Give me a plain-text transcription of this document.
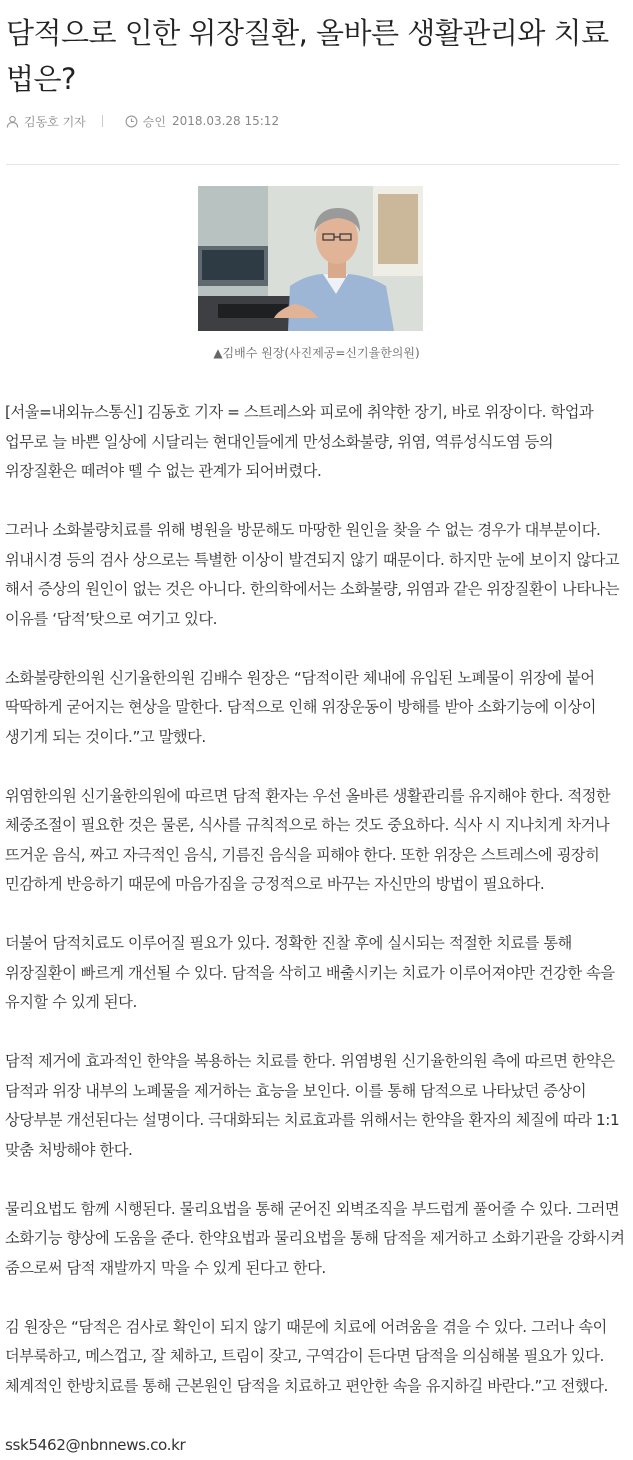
담적으로 인한 위장질환, 올바른 생활관리와 치료법은?
김동호 기자	승인 2018.03.28 15:12
▲김배수 원장(사진제공=신기율한의원)

[서울=내외뉴스통신] 김동호 기자 = 스트레스와 피로에 취약한 장기, 바로 위장이다. 학업과 업무로 늘 바쁜 일상에 시달리는 현대인들에게 만성소화불량, 위염, 역류성식도염 등의 위장질환은 떼려야 뗄 수 없는 관계가 되어버렸다.

그러나 소화불량치료를 위해 병원을 방문해도 마땅한 원인을 찾을 수 없는 경우가 대부분이다. 위내시경 등의 검사 상으로는 특별한 이상이 발견되지 않기 때문이다. 하지만 눈에 보이지 않다고 해서 증상의 원인이 없는 것은 아니다. 한의학에서는 소화불량, 위염과 같은 위장질환이 나타나는 이유를 ‘담적’탓으로 여기고 있다.

소화불량한의원 신기율한의원 김배수 원장은 “담적이란 체내에 유입된 노폐물이 위장에 붙어 딱딱하게 굳어지는 현상을 말한다. 담적으로 인해 위장운동이 방해를 받아 소화기능에 이상이 생기게 되는 것이다.”고 말했다.

위염한의원 신기율한의원에 따르면 담적 환자는 우선 올바른 생활관리를 유지해야 한다. 적정한 체중조절이 필요한 것은 물론, 식사를 규칙적으로 하는 것도 중요하다. 식사 시 지나치게 차거나 뜨거운 음식, 짜고 자극적인 음식, 기름진 음식을 피해야 한다. 또한 위장은 스트레스에 굉장히 민감하게 반응하기 때문에 마음가짐을 긍정적으로 바꾸는 자신만의 방법이 필요하다.

더불어 담적치료도 이루어질 필요가 있다. 정확한 진찰 후에 실시되는 적절한 치료를 통해 위장질환이 빠르게 개선될 수 있다. 담적을 삭히고 배출시키는 치료가 이루어져야만 건강한 속을 유지할 수 있게 된다.

담적 제거에 효과적인 한약을 복용하는 치료를 한다. 위염병원 신기율한의원 측에 따르면 한약은 담적과 위장 내부의 노폐물을 제거하는 효능을 보인다. 이를 통해 담적으로 나타났던 증상이 상당부분 개선된다는 설명이다. 극대화되는 치료효과를 위해서는 한약을 환자의 체질에 따라 1:1 맞춤 처방해야 한다.

물리요법도 함께 시행된다. 물리요법을 통해 굳어진 외벽조직을 부드럽게 풀어줄 수 있다. 그러면 소화기능 향상에 도움을 준다. 한약요법과 물리요법을 통해 담적을 제거하고 소화기관을 강화시켜 줌으로써 담적 재발까지 막을 수 있게 된다고 한다.

김 원장은 “담적은 검사로 확인이 되지 않기 때문에 치료에 어려움을 겪을 수 있다. 그러나 속이 더부룩하고, 메스껍고, 잘 체하고, 트림이 잦고, 구역감이 든다면 담적을 의심해볼 필요가 있다. 체계적인 한방치료를 통해 근본원인 담적을 치료하고 편안한 속을 유지하길 바란다.”고 전했다.

ssk5462@nbnnews.co.kr
